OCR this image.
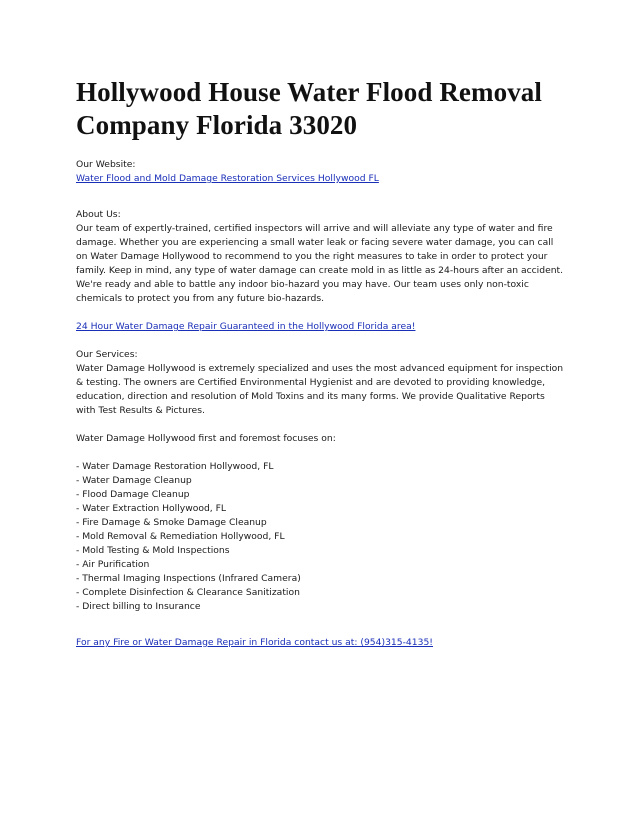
Hollywood House Water Flood Removal Company Florida 33020

Our Website:

Water Flood and Mold Damage Restoration Services Hollywood FL

About Us:

Our team of expertly-trained, certified inspectors will arrive and will alleviate any type of water and fire damage. Whether you are experiencing a small water leak or facing severe water damage, you can call on Water Damage Hollywood to recommend to you the right measures to take in order to protect your family. Keep in mind, any type of water damage can create mold in as little as 24-hours after an accident. We're ready and able to battle any indoor bio-hazard you may have. Our team uses only non-toxic chemicals to protect you from any future bio-hazards.

24 Hour Water Damage Repair Guaranteed in the Hollywood Florida area!

Our Services:

Water Damage Hollywood is extremely specialized and uses the most advanced equipment for inspection & testing. The owners are Certified Environmental Hygienist and are devoted to providing knowledge, education, direction and resolution of Mold Toxins and its many forms. We provide Qualitative Reports with Test Results & Pictures.

Water Damage Hollywood first and foremost focuses on:

- Water Damage Restoration Hollywood, FL
- Water Damage Cleanup
- Flood Damage Cleanup
- Water Extraction Hollywood, FL
- Fire Damage & Smoke Damage Cleanup
- Mold Removal & Remediation Hollywood, FL
- Mold Testing & Mold Inspections
- Air Purification
- Thermal Imaging Inspections (Infrared Camera)
- Complete Disinfection & Clearance Sanitization
- Direct billing to Insurance

For any Fire or Water Damage Repair in Florida contact us at: (954)315-4135!
